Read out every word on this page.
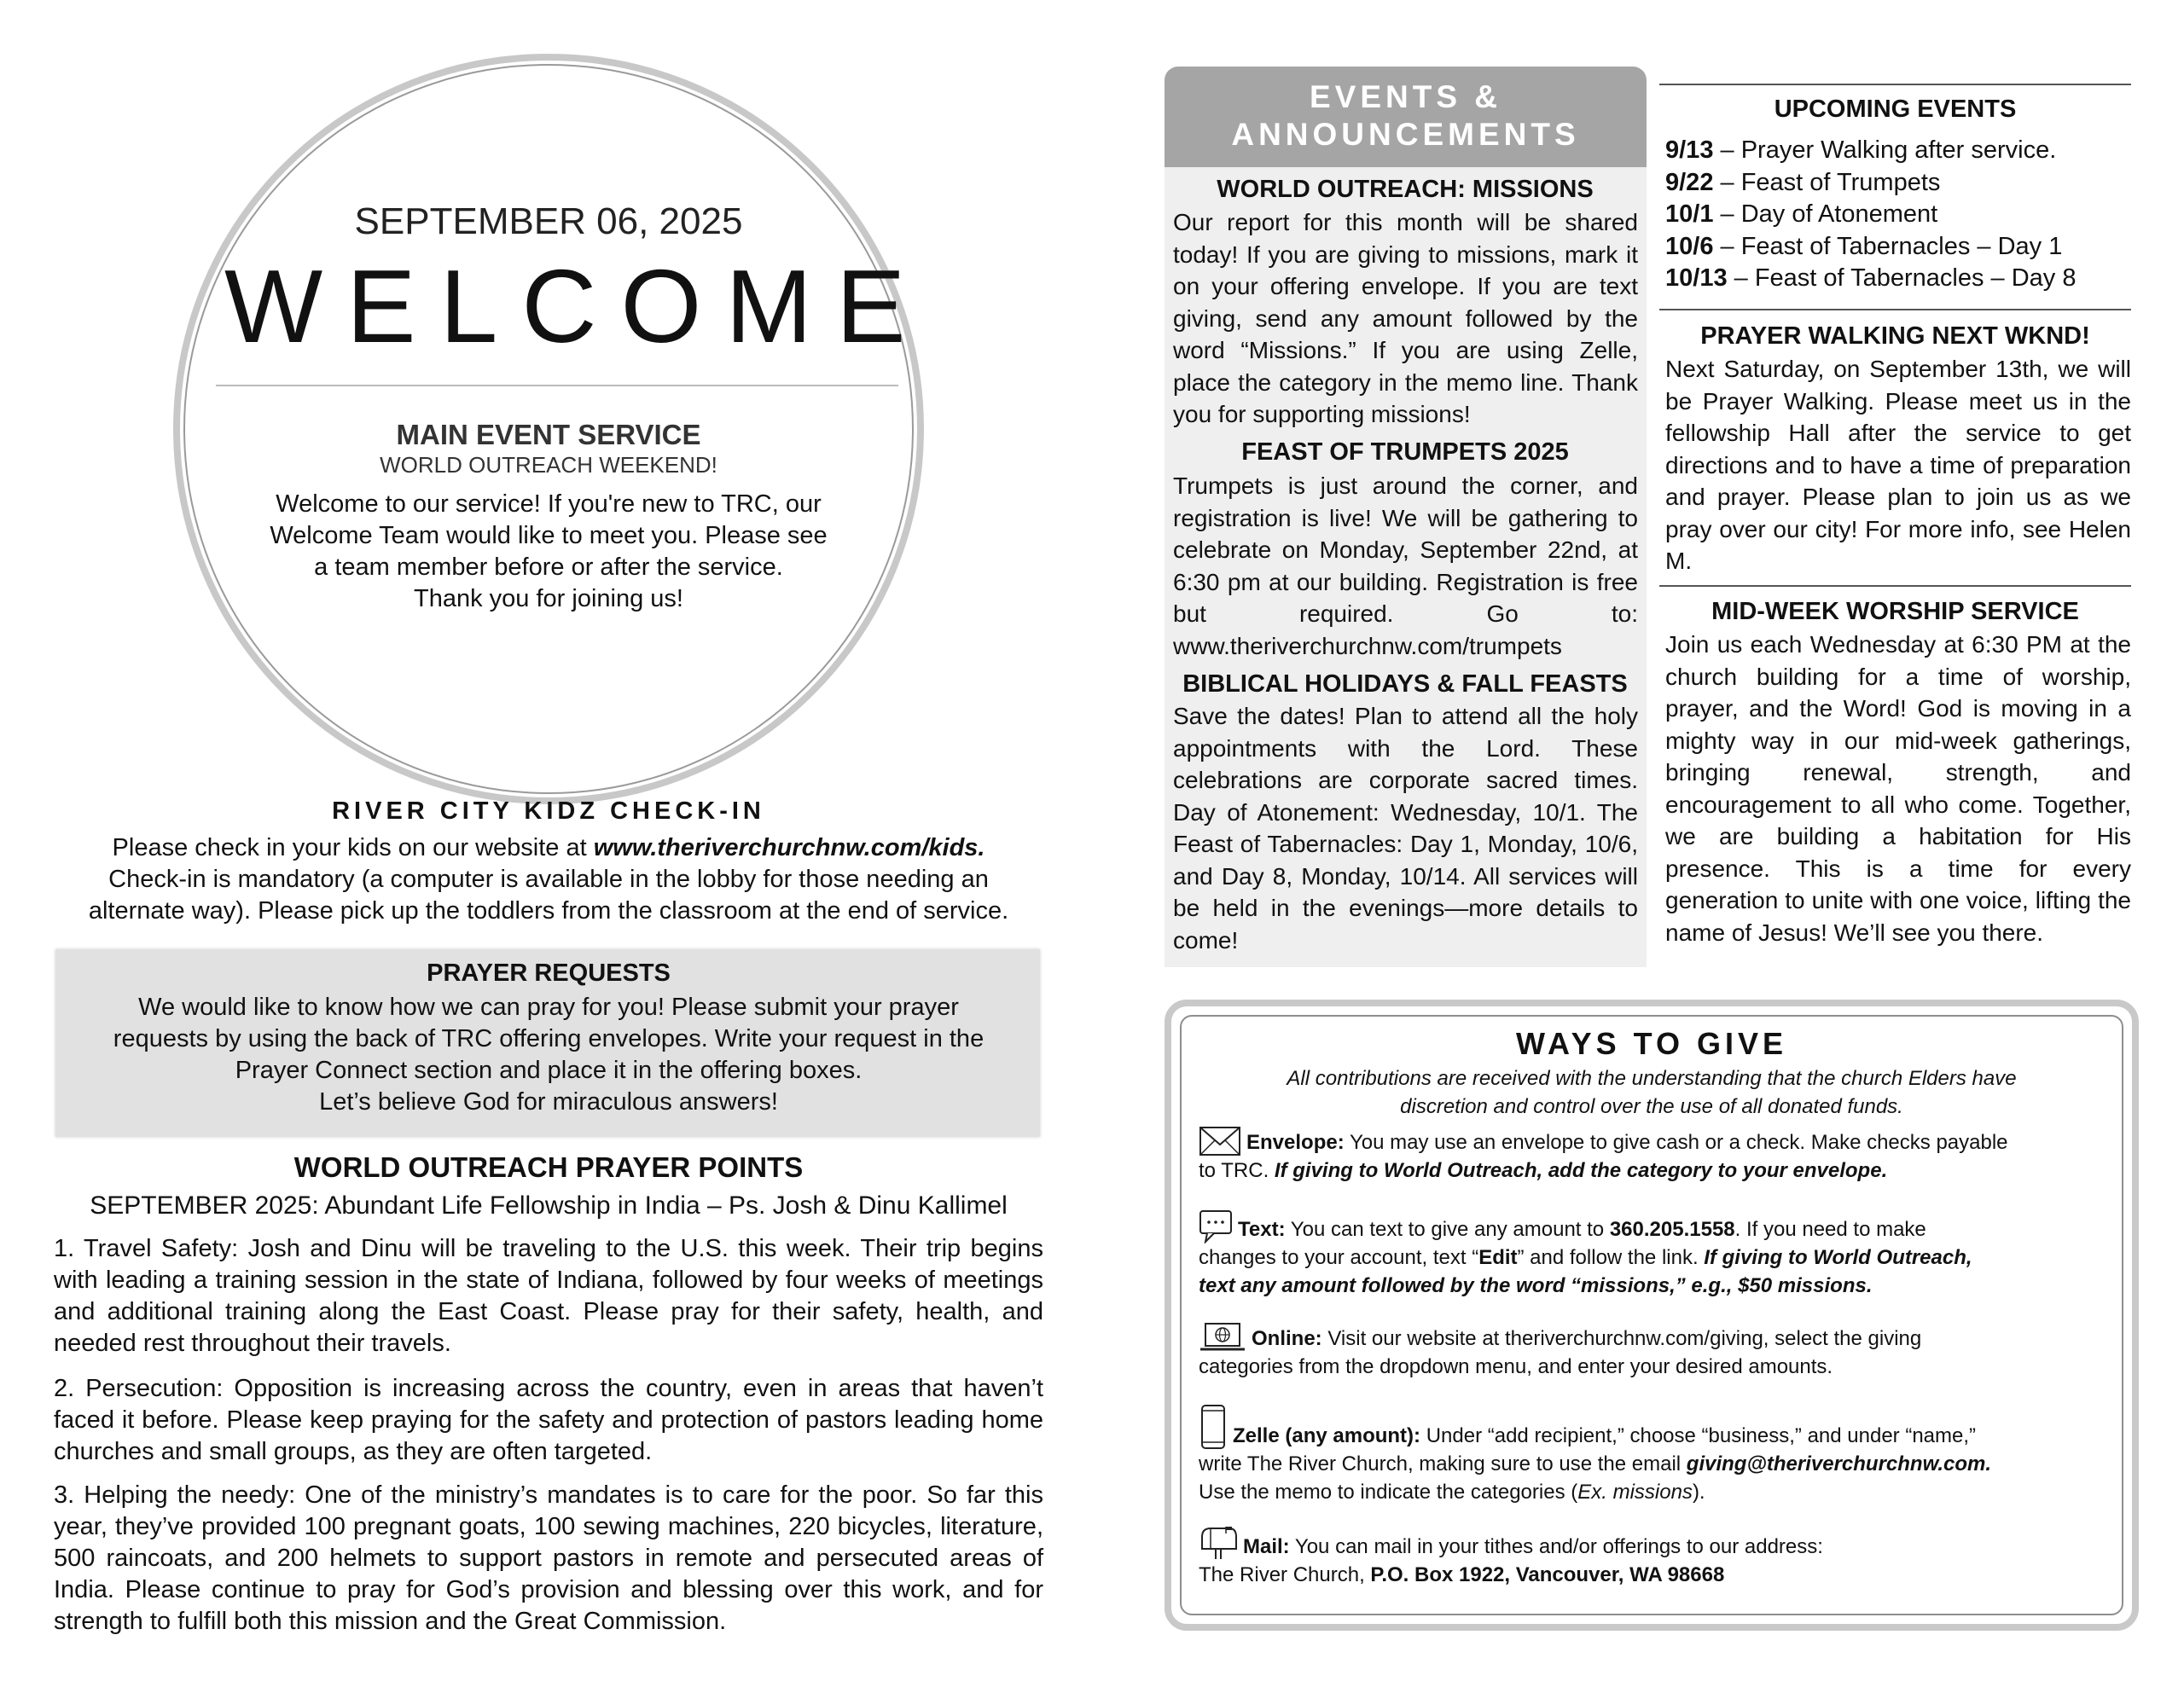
SEPTEMBER 06, 2025
WELCOME
MAIN EVENT SERVICE
WORLD OUTREACH WEEKEND!
Welcome to our service! If you're new to TRC, our
Welcome Team would like to meet you. Please see
a team member before or after the service.
Thank you for joining us!
RIVER CITY KIDZ CHECK-IN
Please check in your kids on our website at www.theriverchurchnw.com/kids.
Check-in is mandatory (a computer is available in the lobby for those needing an
alternate way). Please pick up the toddlers from the classroom at the end of service.
PRAYER REQUESTS
We would like to know how we can pray for you! Please submit your prayer
requests by using the back of TRC offering envelopes. Write your request in the
Prayer Connect section and place it in the offering boxes.
Let’s believe God for miraculous answers!
WORLD OUTREACH PRAYER POINTS
SEPTEMBER 2025: Abundant Life Fellowship in India – Ps. Josh & Dinu Kallimel
1. Travel Safety: Josh and Dinu will be traveling to the U.S. this week. Their trip begins with leading a training session in the state of Indiana, followed by four weeks of meetings and additional training along the East Coast. Please pray for their safety, health, and needed rest throughout their travels.
2. Persecution: Opposition is increasing across the country, even in areas that haven’t faced it before. Please keep praying for the safety and protection of pastors leading home churches and small groups, as they are often targeted.
3. Helping the needy: One of the ministry’s mandates is to care for the poor. So far this year, they’ve provided 100 pregnant goats, 100 sewing machines, 220 bicycles, literature, 500 raincoats, and 200 helmets to support pastors in remote and persecuted areas of India. Please continue to pray for God’s provision and blessing over this work, and for strength to fulfill both this mission and the Great Commission.
EVENTS &
ANNOUNCEMENTS
WORLD OUTREACH: MISSIONS
Our report for this month will be shared today! If you are giving to missions, mark it on your offering envelope. If you are text giving, send any amount followed by the word “Missions.” If you are using Zelle, place the category in the memo line. Thank you for supporting missions!
FEAST OF TRUMPETS 2025
Trumpets is just around the corner, and registration is live! We will be gathering to celebrate on Monday, September 22nd, at 6:30 pm at our building. Registration is free but required. Go to: www.theriverchurchnw.com/trumpets
BIBLICAL HOLIDAYS & FALL FEASTS
Save the dates! Plan to attend all the holy appointments with the Lord. These celebrations are corporate sacred times. Day of Atonement: Wednesday, 10/1. The Feast of Tabernacles: Day 1, Monday, 10/6, and Day 8, Monday, 10/14. All services will be held in the evenings—more details to come!
UPCOMING EVENTS
9/13 – Prayer Walking after service.
9/22 – Feast of Trumpets
10/1 – Day of Atonement
10/6 – Feast of Tabernacles – Day 1
10/13 – Feast of Tabernacles – Day 8
PRAYER WALKING NEXT WKND!
Next Saturday, on September 13th, we will be Prayer Walking. Please meet us in the fellowship Hall after the service to get directions and to have a time of preparation and prayer. Please plan to join us as we pray over our city! For more info, see Helen M.
MID-WEEK WORSHIP SERVICE
Join us each Wednesday at 6:30 PM at the church building for a time of worship, prayer, and the Word! God is moving in a mighty way in our mid-week gatherings, bringing renewal, strength, and encouragement to all who come. Together, we are building a habitation for His presence. This is a time for every generation to unite with one voice, lifting the name of Jesus! We’ll see you there.
WAYS TO GIVE
All contributions are received with the understanding that the church Elders have
discretion and control over the use of all donated funds.
Envelope: You may use an envelope to give cash or a check. Make checks payable
to TRC. If giving to World Outreach, add the category to your envelope.
Text: You can text to give any amount to 360.205.1558. If you need to make
changes to your account, text “Edit” and follow the link. If giving to World Outreach,
text any amount followed by the word “missions,” e.g., $50 missions.
Online: Visit our website at theriverchurchnw.com/giving, select the giving
categories from the dropdown menu, and enter your desired amounts.
Zelle (any amount): Under “add recipient,” choose “business,” and under “name,”
write The River Church, making sure to use the email giving@theriverchurchnw.com.
Use the memo to indicate the categories (Ex. missions).
Mail: You can mail in your tithes and/or offerings to our address:
The River Church, P.O. Box 1922, Vancouver, WA 98668
